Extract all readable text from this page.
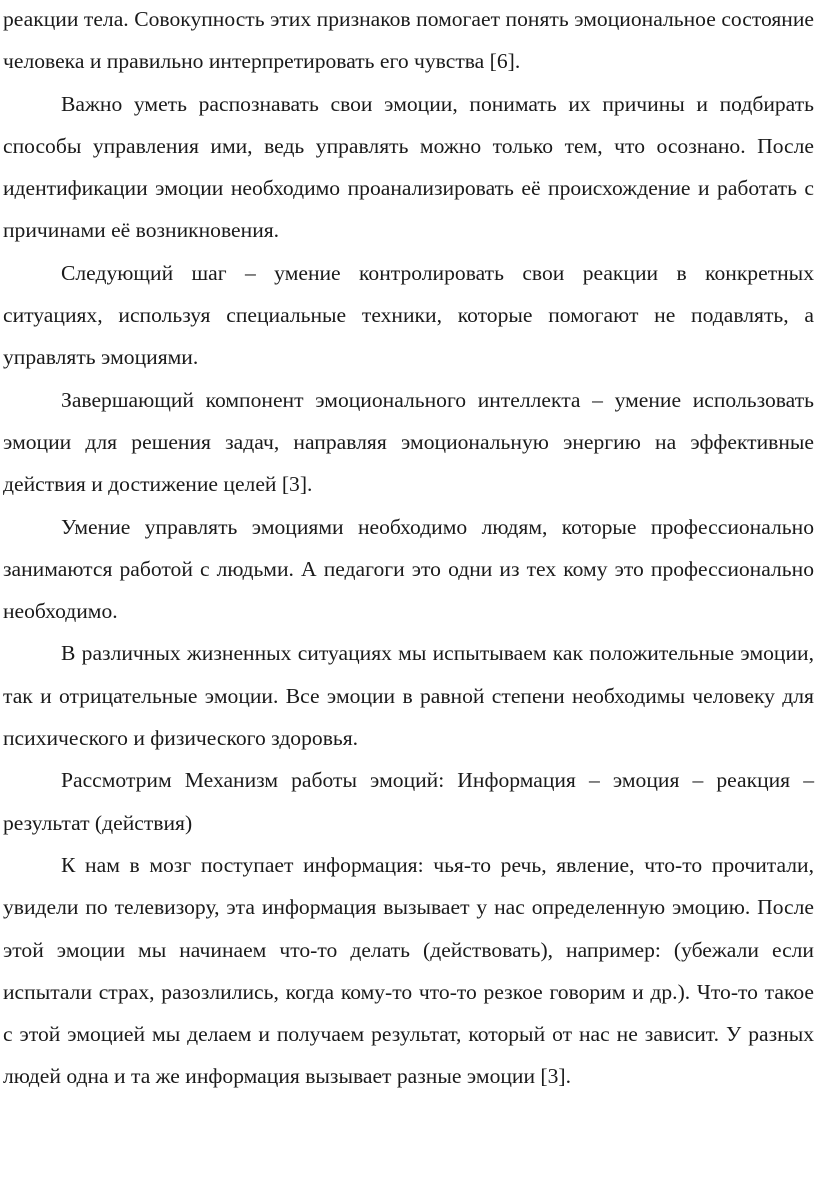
реакции тела. Совокупность этих признаков помогает понять эмоциональное состояние человека и правильно интерпретировать его чувства [6].

Важно уметь распознавать свои эмоции, понимать их причины и подбирать способы управления ими, ведь управлять можно только тем, что осознано. После идентификации эмоции необходимо проанализировать её происхождение и работать с причинами её возникновения.

Следующий шаг – умение контролировать свои реакции в конкретных ситуациях, используя специальные техники, которые помогают не подавлять, а управлять эмоциями.

Завершающий компонент эмоционального интеллекта – умение использовать эмоции для решения задач, направляя эмоциональную энергию на эффективные действия и достижение целей [3].

Умение управлять эмоциями необходимо людям, которые профессионально занимаются работой с людьми. А педагоги это одни из тех кому это профессионально необходимо.

В различных жизненных ситуациях мы испытываем как положительные эмоции, так и отрицательные эмоции. Все эмоции в равной степени необходимы человеку для психического и физического здоровья.

Рассмотрим Механизм работы эмоций: Информация – эмоция – реакция – результат (действия)

К нам в мозг поступает информация: чья-то речь, явление, что-то прочитали, увидели по телевизору, эта информация вызывает у нас определенную эмоцию. После этой эмоции мы начинаем что-то делать (действовать), например: (убежали если испытали страх, разозлились, когда кому-то что-то резкое говорим и др.). Что-то такое с этой эмоцией мы делаем и получаем результат, который от нас не зависит. У разных людей одна и та же информация вызывает разные эмоции [3].
